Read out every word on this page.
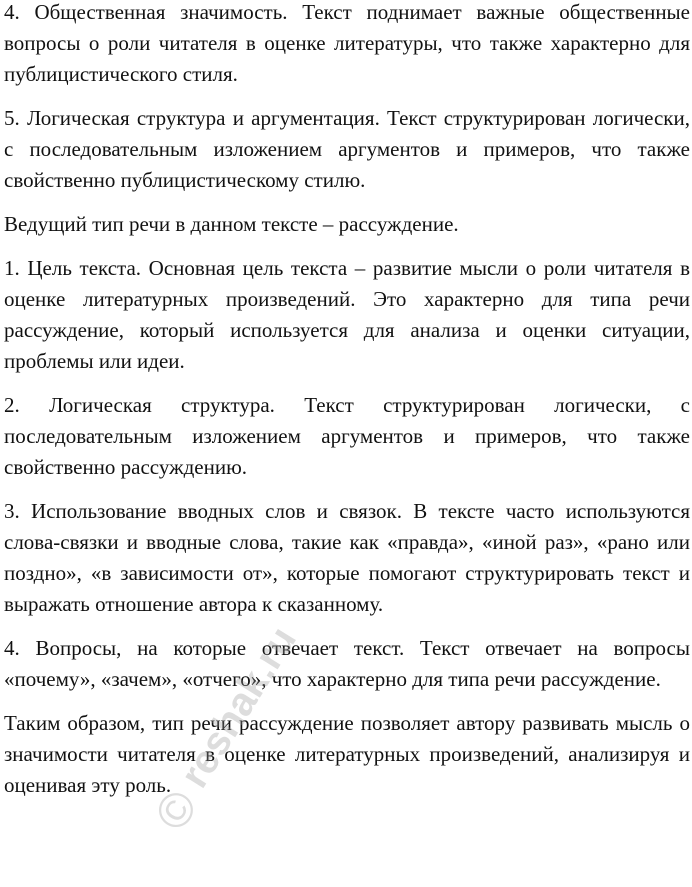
4. Общественная значимость. Текст поднимает важные общественные вопросы о роли читателя в оценке литературы, что также характерно для публицистического стиля.

5. Логическая структура и аргументация. Текст структурирован логически, с последовательным изложением аргументов и примеров, что также свойственно публицистическому стилю.

Ведущий тип речи в данном тексте – рассуждение.

1. Цель текста. Основная цель текста – развитие мысли о роли читателя в оценке литературных произведений. Это характерно для типа речи рассуждение, который используется для анализа и оценки ситуации, проблемы или идеи.

2. Логическая структура. Текст структурирован логически, с последовательным изложением аргументов и примеров, что также свойственно рассуждению.

3. Использование вводных слов и связок. В тексте часто используются слова-связки и вводные слова, такие как «правда», «иной раз», «рано или поздно», «в зависимости от», которые помогают структурировать текст и выражать отношение автора к сказанному.

4. Вопросы, на которые отвечает текст. Текст отвечает на вопросы «почему», «зачем», «отчего», что характерно для типа речи рассуждение.

Таким образом, тип речи рассуждение позволяет автору развивать мысль о значимости читателя в оценке литературных произведений, анализируя и оценивая эту роль.

©
reshak.ru
